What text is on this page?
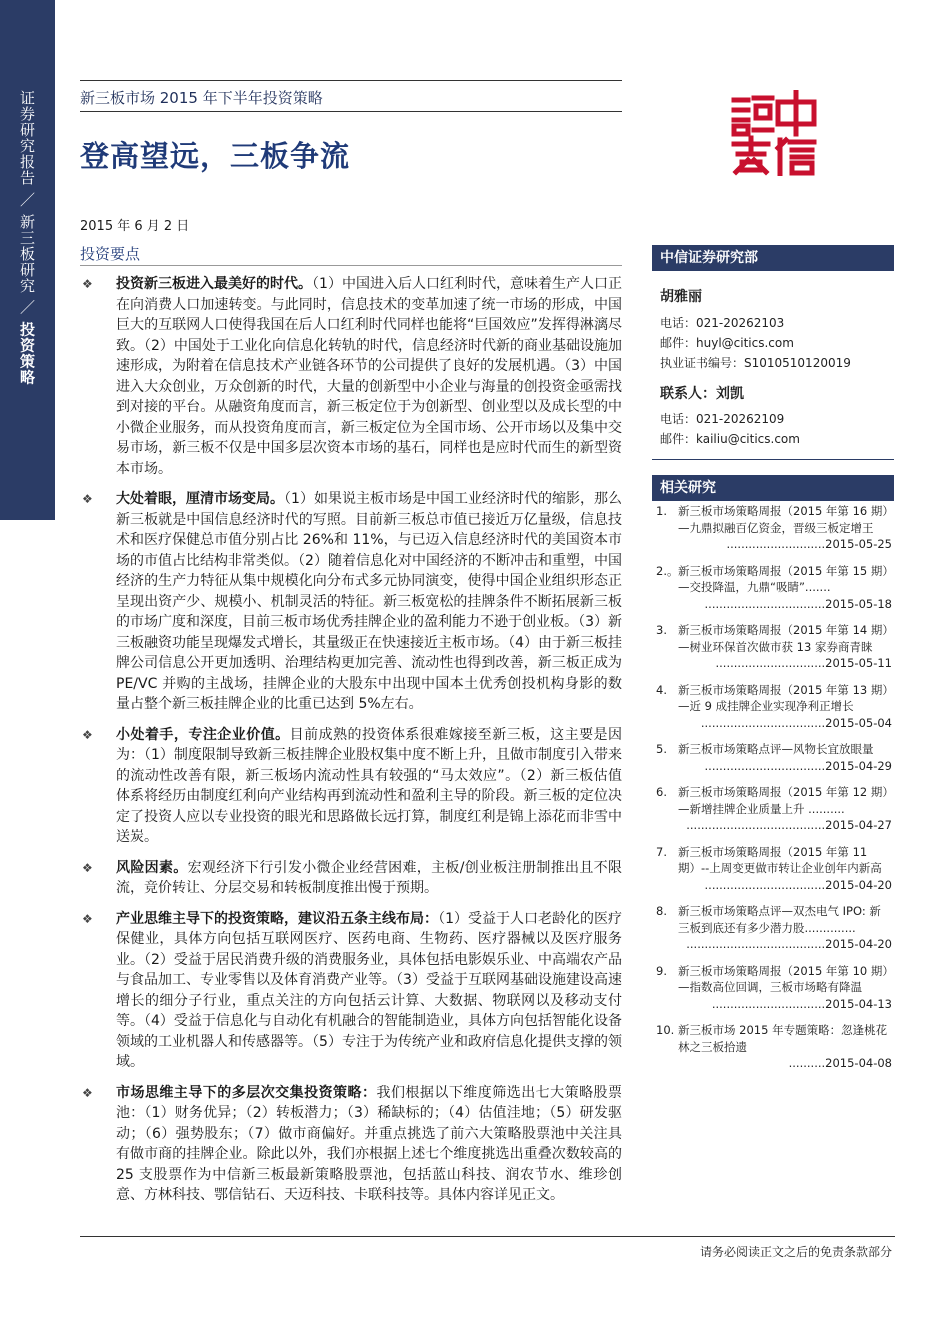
证券研究报告 ／ 新三板研究 ／ 投资策略
新三板市场 2015 年下半年投资策略
登高望远，三板争流
2015 年 6 月 2 日
投资要点
❖ 投资新三板进入最美好的时代。（1）中国进入后人口红利时代，意味着生产人口正在向消费人口加速转变。与此同时，信息技术的变革加速了统一市场的形成，中国巨大的互联网人口使得我国在后人口红利时代同样也能将“巨国效应”发挥得淋漓尽致。（2）中国处于工业化向信息化转轨的时代，信息经济时代新的商业基础设施加速形成，为附着在信息技术产业链各环节的公司提供了良好的发展机遇。（3）中国进入大众创业，万众创新的时代，大量的创新型中小企业与海量的创投资金亟需找到对接的平台。从融资角度而言，新三板定位于为创新型、创业型以及成长型的中小微企业服务，而从投资角度而言，新三板定位为全国市场、公开市场以及集中交易市场，新三板不仅是中国多层次资本市场的基石，同样也是应时代而生的新型资本市场。
❖ 大处着眼，厘清市场变局。（1）如果说主板市场是中国工业经济时代的缩影，那么新三板就是中国信息经济时代的写照。目前新三板总市值已接近万亿量级，信息技术和医疗保健总市值分别占比 26%和 11%，与已迈入信息经济时代的美国资本市场的市值占比结构非常类似。（2）随着信息化对中国经济的不断冲击和重塑，中国经济的生产力特征从集中规模化向分布式多元协同演变，使得中国企业组织形态正呈现出资产少、规模小、机制灵活的特征。新三板宽松的挂牌条件不断拓展新三板的市场广度和深度，目前三板市场优秀挂牌企业的盈利能力不逊于创业板。（3）新三板融资功能呈现爆发式增长，其量级正在快速接近主板市场。（4）由于新三板挂牌公司信息公开更加透明、治理结构更加完善、流动性也得到改善，新三板正成为 PE/VC 并购的主战场，挂牌企业的大股东中出现中国本土优秀创投机构身影的数量占整个新三板挂牌企业的比重已达到 5%左右。
❖ 小处着手，专注企业价值。目前成熟的投资体系很难嫁接至新三板，这主要是因为：（1）制度限制导致新三板挂牌企业股权集中度不断上升，且做市制度引入带来的流动性改善有限，新三板场内流动性具有较强的“马太效应”。（2）新三板估值体系将经历由制度红利向产业结构再到流动性和盈利主导的阶段。新三板的定位决定了投资人应以专业投资的眼光和思路做长远打算，制度红利是锦上添花而非雪中送炭。
❖ 风险因素。宏观经济下行引发小微企业经营困难，主板/创业板注册制推出且不限流，竞价转让、分层交易和转板制度推出慢于预期。
❖ 产业思维主导下的投资策略，建议沿五条主线布局：（1）受益于人口老龄化的医疗保健业，具体方向包括互联网医疗、医药电商、生物药、医疗器械以及医疗服务业。（2）受益于居民消费升级的消费服务业，具体包括电影娱乐业、中高端农产品与食品加工、专业零售以及体育消费产业等。（3）受益于互联网基础设施建设高速增长的细分子行业，重点关注的方向包括云计算、大数据、物联网以及移动支付等。（4）受益于信息化与自动化有机融合的智能制造业，具体方向包括智能化设备领域的工业机器人和传感器等。（5）专注于为传统产业和政府信息化提供支撑的领域。
❖ 市场思维主导下的多层次交集投资策略：我们根据以下维度筛选出七大策略股票池：（1）财务优异；（2）转板潜力；（3）稀缺标的；（4）估值洼地；（5）研发驱动；（6）强势股东；（7）做市商偏好。并重点挑选了前六大策略股票池中关注具有做市商的挂牌企业。除此以外，我们亦根据上述七个维度挑选出重叠次数较高的 25 支股票作为中信新三板最新策略股票池，包括蓝山科技、润农节水、维珍创意、方林科技、鄂信钻石、天迈科技、卡联科技等。具体内容详见正文。
中信证券研究部
胡雅丽
电话：021-20262103
邮件：huyl@citics.com
执业证书编号：S1010510120019
联系人：刘凯
电话：021-20262109
邮件：kailiu@citics.com
相关研究
1. 新三板市场策略周报（2015 年第 16 期）—九鼎拟融百亿资金，晋级三板定增王
...........................2015-05-25
2.。 新三板市场策略周报（2015 年第 15 期）—交投降温，九鼎“吸睛”.......
.................................2015-05-18
3. 新三板市场策略周报（2015 年第 14 期）—树业环保首次做市获 13 家券商青睐
..............................2015-05-11
4. 新三板市场策略周报（2015 年第 13 期）—近 9 成挂牌企业实现净利正增长
..................................2015-05-04
5. 新三板市场策略点评—风物长宜放眼量
.................................2015-04-29
6. 新三板市场策略周报（2015 年第 12 期）—新增挂牌企业质量上升 ..........
......................................2015-04-27
7. 新三板市场策略周报（2015 年第 11 期）--上周变更做市转让企业创年内新高
.................................2015-04-20
8. 新三板市场策略点评—双杰电气 IPO: 新三板到底还有多少潜力股..............
......................................2015-04-20
9. 新三板市场策略周报（2015 年第 10 期）—指数高位回调，三板市场略有降温
...............................2015-04-13
10. 新三板市场 2015 年专题策略：忽逢桃花林之三板拾遗
..........2015-04-08
请务必阅读正文之后的免责条款部分
